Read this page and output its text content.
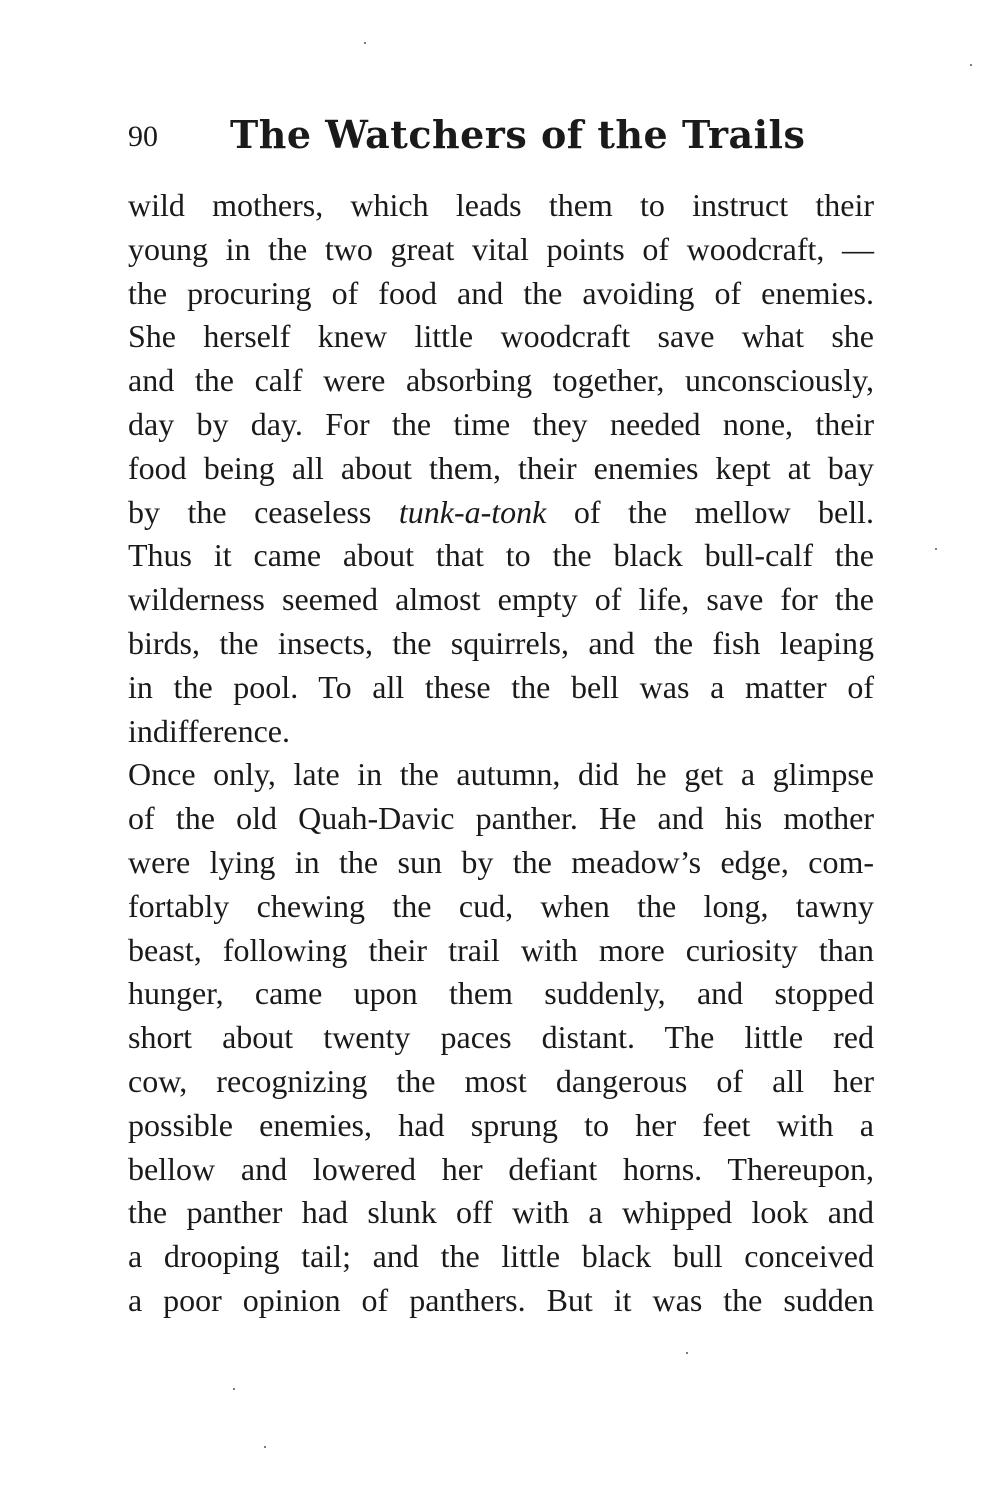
90 The Watchers of the Trails
wild mothers, which leads them to instruct their
young in the two great vital points of woodcraft, —
the procuring of food and the avoiding of enemies.
She herself knew little woodcraft save what she
and the calf were absorbing together, unconsciously,
day by day. For the time they needed none, their
food being all about them, their enemies kept at bay
by the ceaseless tunk-a-tonk of the mellow bell.
Thus it came about that to the black bull-calf the
wilderness seemed almost empty of life, save for the
birds, the insects, the squirrels, and the fish leaping
in the pool. To all these the bell was a matter of
indifference.
Once only, late in the autumn, did he get a glimpse
of the old Quah-Davic panther. He and his mother
were lying in the sun by the meadow’s edge, com-
fortably chewing the cud, when the long, tawny
beast, following their trail with more curiosity than
hunger, came upon them suddenly, and stopped
short about twenty paces distant. The little red
cow, recognizing the most dangerous of all her
possible enemies, had sprung to her feet with a
bellow and lowered her defiant horns. Thereupon,
the panther had slunk off with a whipped look and
a drooping tail; and the little black bull conceived
a poor opinion of panthers. But it was the sudden
